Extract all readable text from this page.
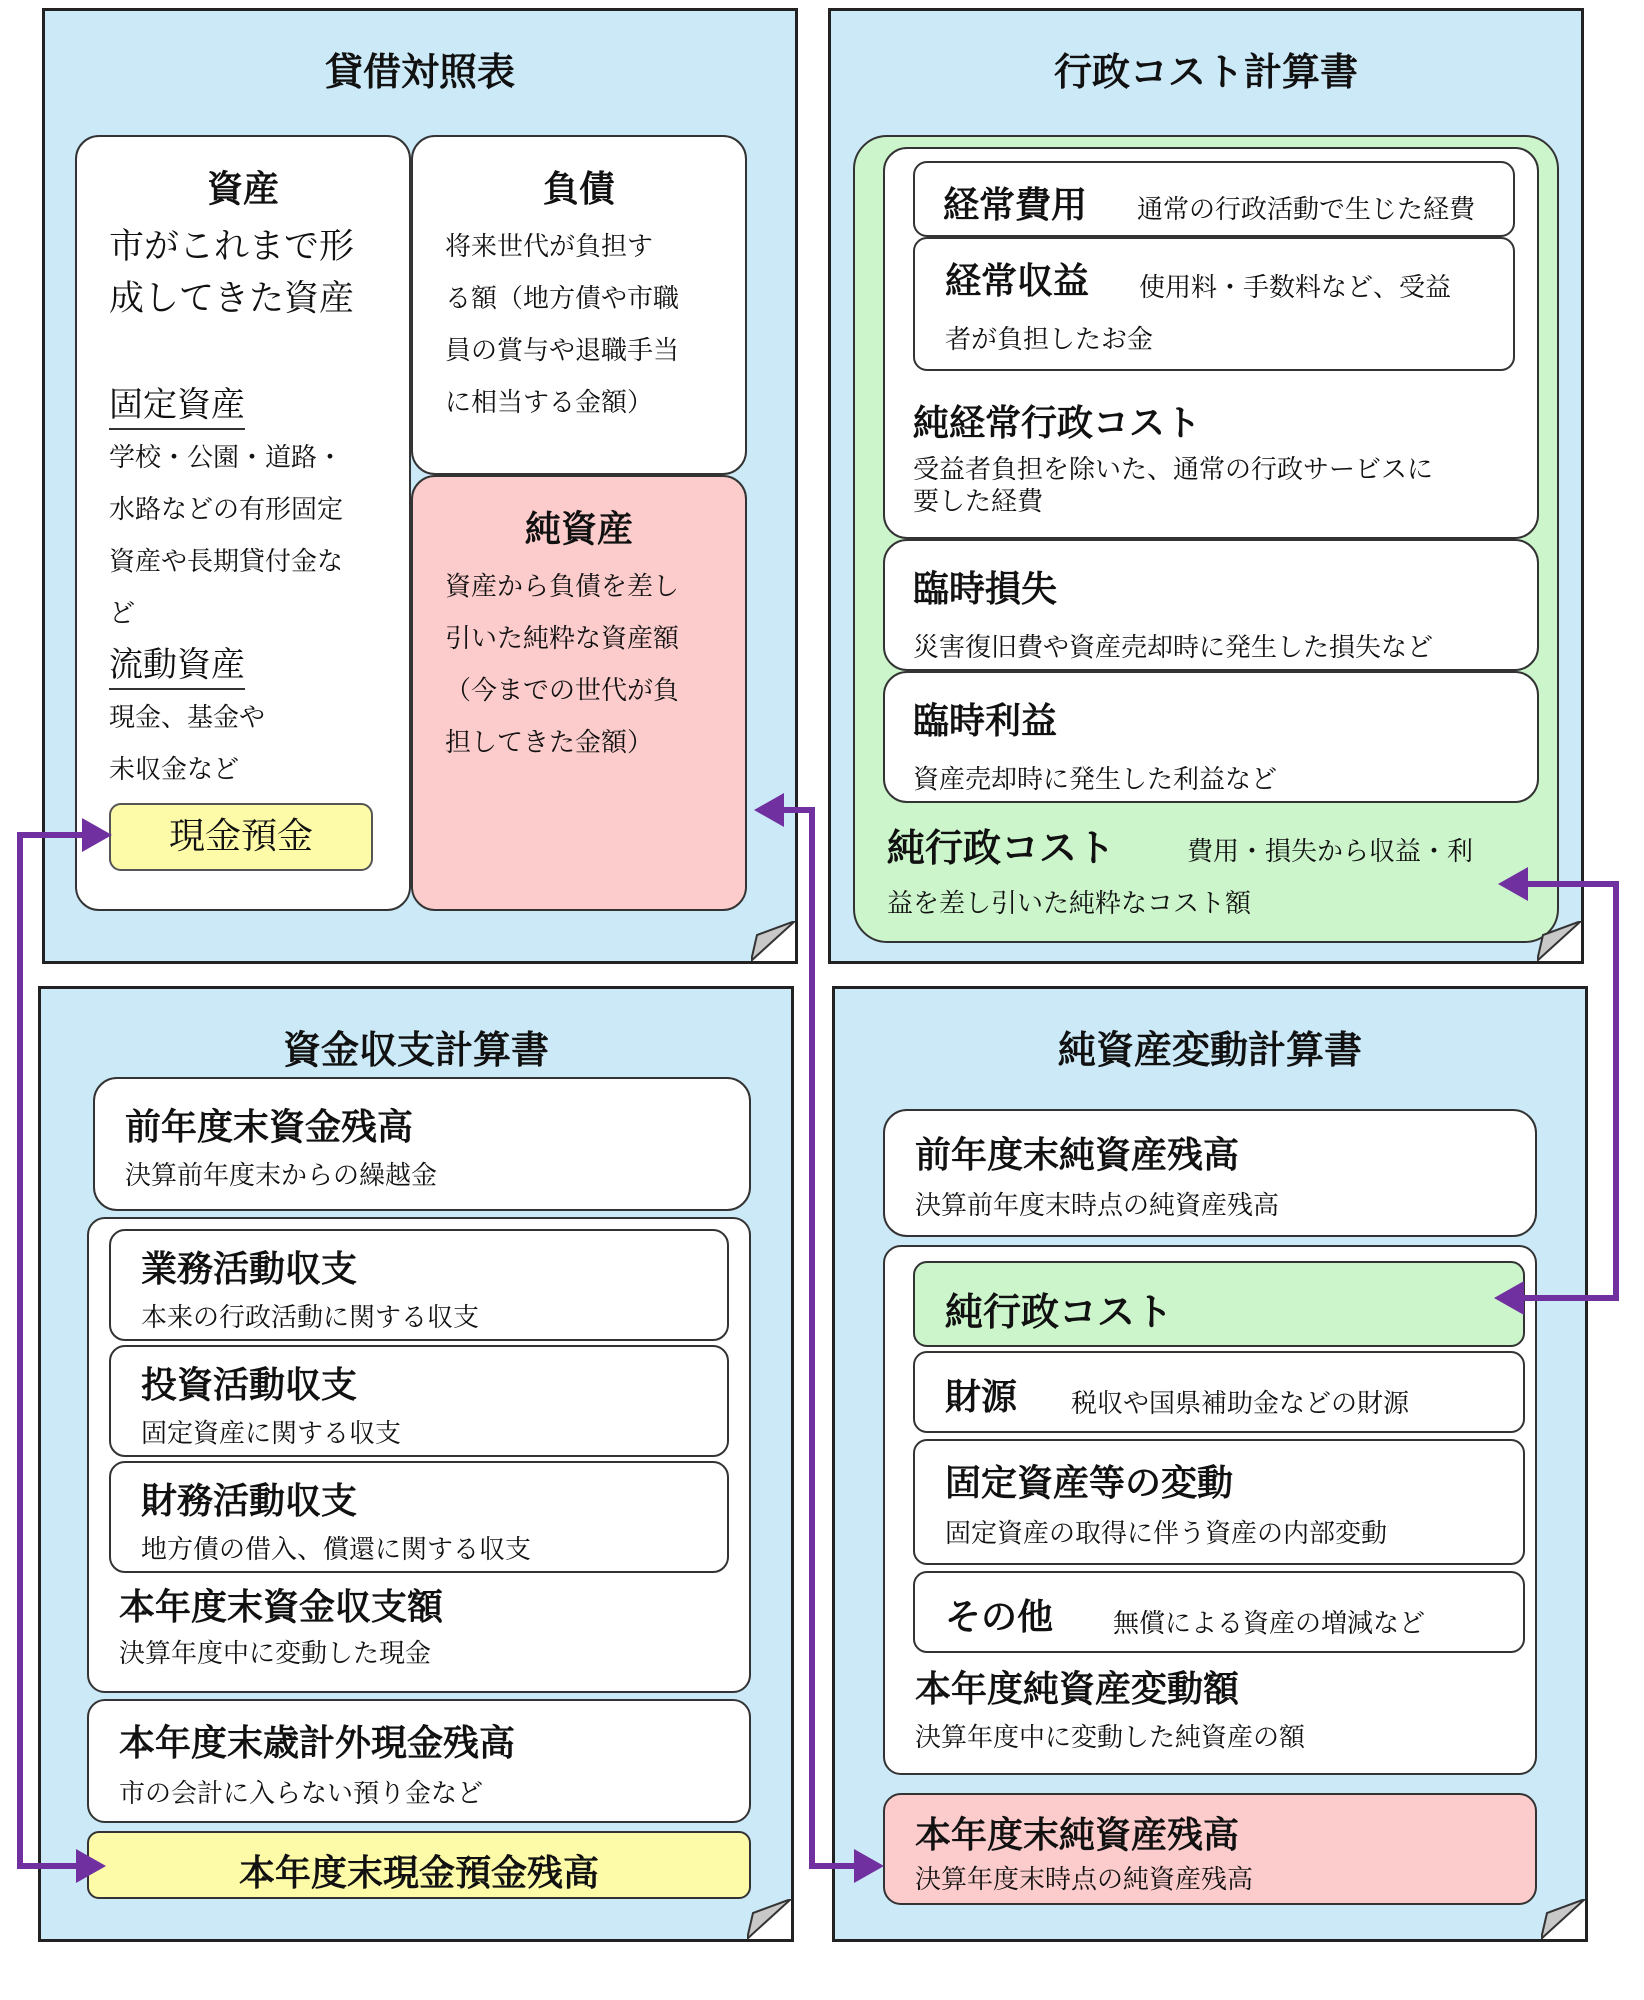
貸借対照表
資産
市がこれまで形
成してきた資産
固定資産
学校・公園・道路・
水路などの有形固定
資産や長期貸付金な
ど
流動資産
現金、基金や
未収金など
現金預金
負債
将来世代が負担す
る額（地方債や市職
員の賞与や退職手当
に相当する金額）
純資産
資産から負債を差し
引いた純粋な資産額
（今までの世代が負
担してきた金額）
行政コスト計算書
経常費用 通常の行政活動で生じた経費
経常収益 使用料・手数料など、受益
者が負担したお金
純経常行政コスト
受益者負担を除いた、通常の行政サービスに
要した経費
臨時損失
災害復旧費や資産売却時に発生した損失など
臨時利益
資産売却時に発生した利益など
純行政コスト	費用・損失から収益・利
益を差し引いた純粋なコスト額
資金収支計算書
前年度末資金残高
決算前年度末からの繰越金
業務活動収支
本来の行政活動に関する収支
投資活動収支
固定資産に関する収支
財務活動収支
地方債の借入、償還に関する収支
本年度末資金収支額
決算年度中に変動した現金
本年度末歳計外現金残高
市の会計に入らない預り金など
本年度末現金預金残高
純資産変動計算書
前年度末純資産残高
決算前年度末時点の純資産残高
純行政コスト
財源 税収や国県補助金などの財源
固定資産等の変動
固定資産の取得に伴う資産の内部変動
その他 無償による資産の増減など
本年度純資産変動額
決算年度中に変動した純資産の額
本年度末純資産残高
決算年度末時点の純資産残高
